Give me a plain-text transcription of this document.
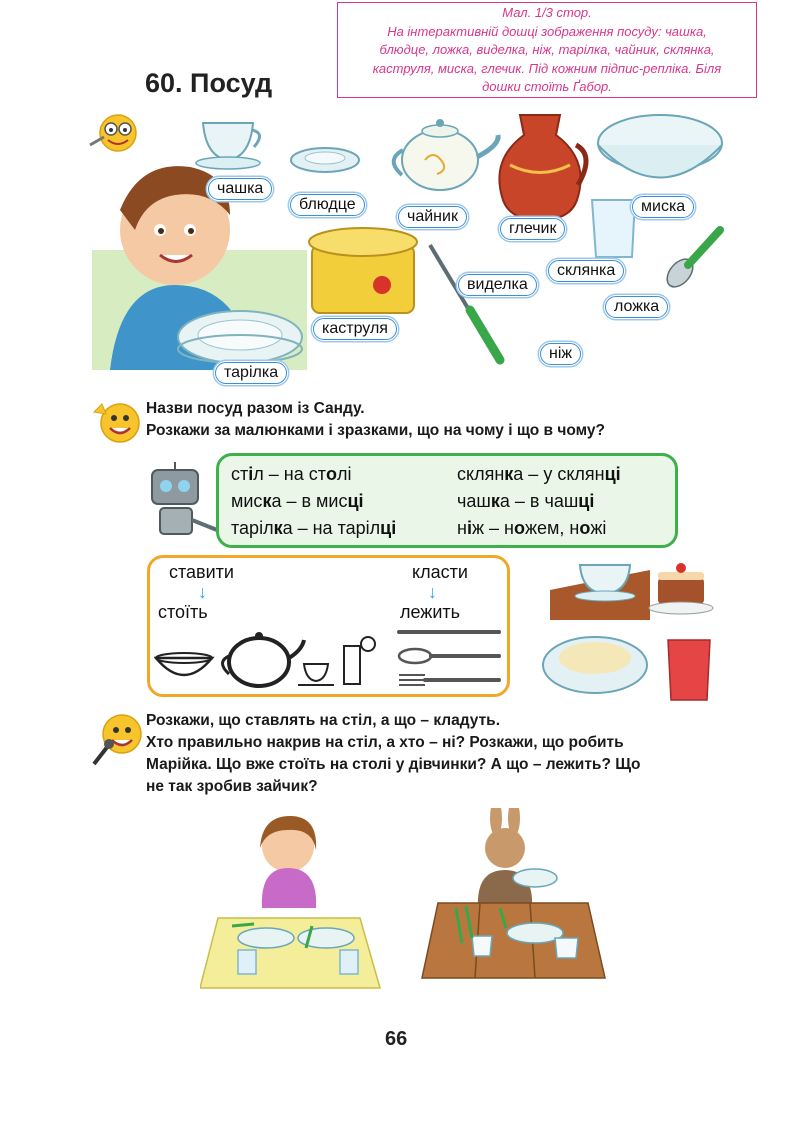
Мал. 1/3 стор.
На інтерактивній дошці зображення посуду: чашка,
блюдце, ложка, виделка, ніж, тарілка, чайник, склянка,
каструля, миска, глечик. Під кожним підпис-репліка. Біля
дошки стоїть Ґабор.
60. Посуд
чашка
блюдце
чайник
глечик
миска
склянка
виделка
ложка
каструля
ніж
тарілка
Назви посуд разом із Санду.
Розкажи за малюнками і зразками, що на чому і що в чому?
стіл – на столі	склянка – у склянці
миска – в мисці	чашка – в чашці
тарілка – на тарілці	ніж – ножем, ножі
ставити
↓
стоїть
класти
↓
лежить
Розкажи, що ставлять на стіл, а що – кладуть.
Хто правильно накрив на стіл, а хто – ні? Розкажи, що робить
Марійка. Що вже стоїть на столі у дівчинки? А що – лежить? Що
не так зробив зайчик?
66
